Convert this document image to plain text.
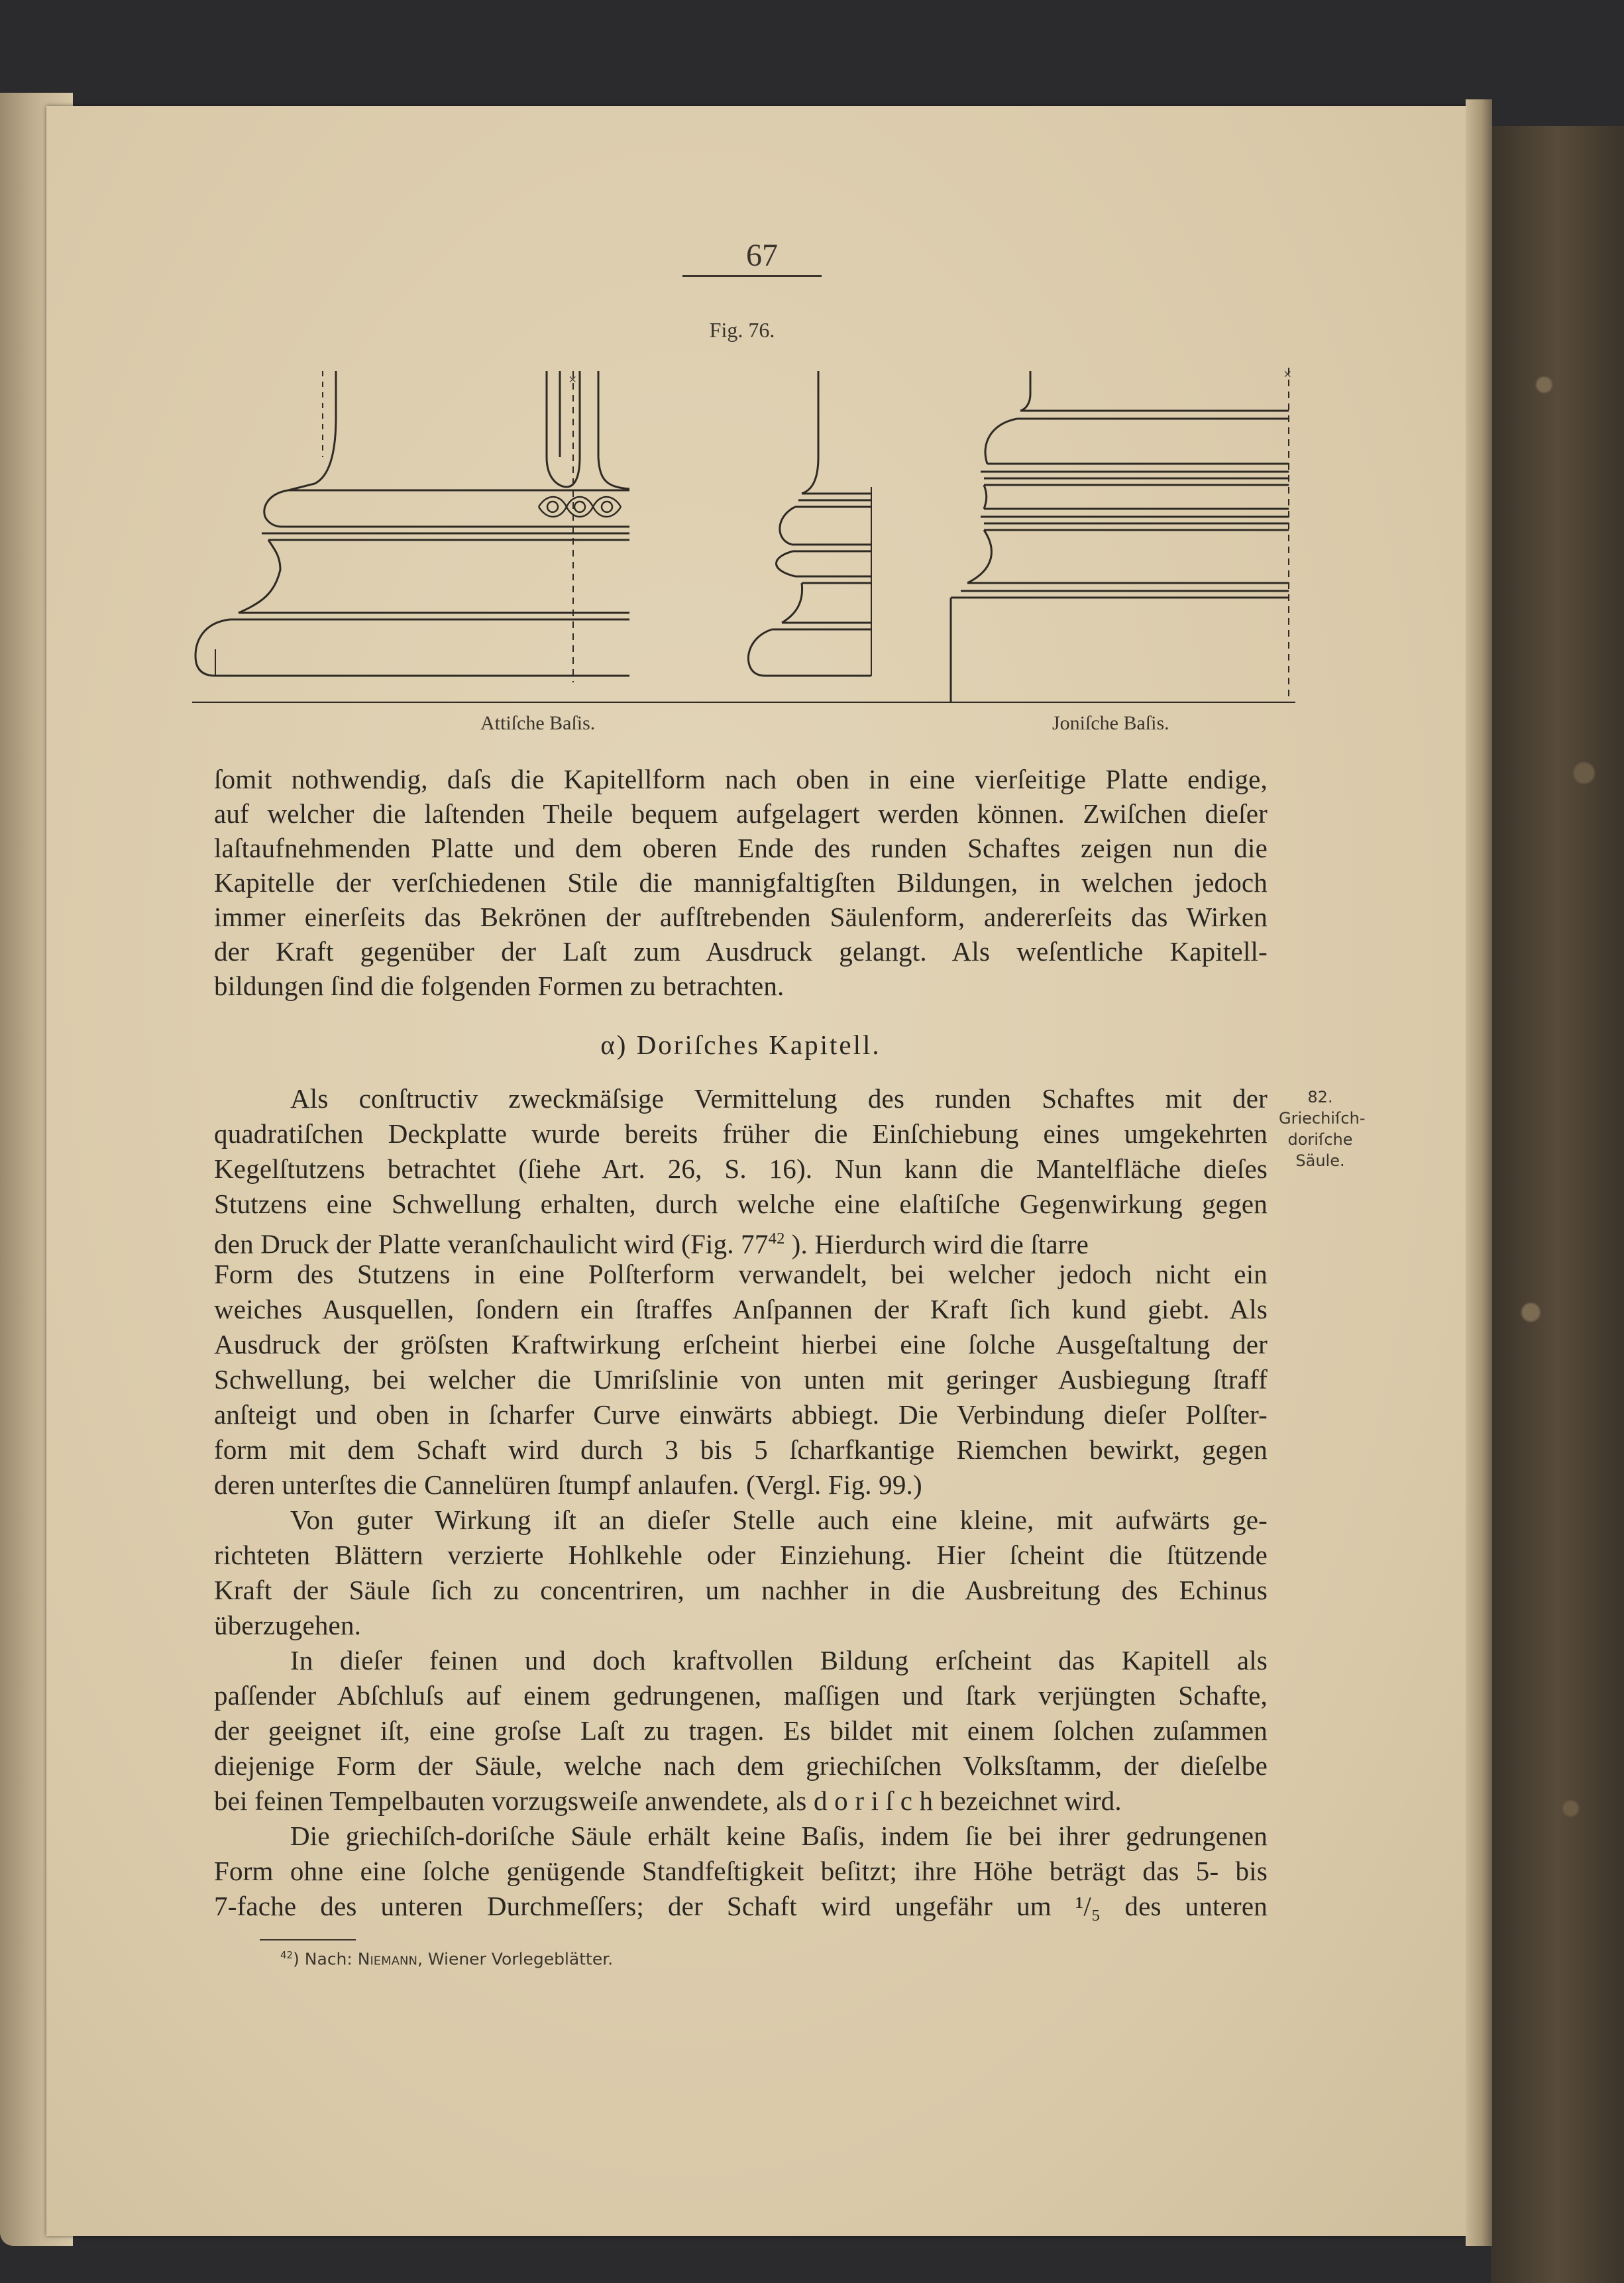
67
Fig. 76.
×	×
Attiſche Baſis.	Joniſche Baſis.
ſomit nothwendig, daſs die Kapitellform nach oben in eine vierſeitige Platte endige,
auf welcher die laſtenden Theile bequem aufgelagert werden können. Zwiſchen dieſer
laſtaufnehmenden Platte und dem oberen Ende des runden Schaftes zeigen nun die
Kapitelle der verſchiedenen Stile die mannigfaltigſten Bildungen, in welchen jedoch
immer einerſeits das Bekrönen der aufſtrebenden Säulenform, andererſeits das Wirken
der Kraft gegenüber der Laſt zum Ausdruck gelangt. Als weſentliche Kapitell-
bildungen ſind die folgenden Formen zu betrachten.
α) Doriſches Kapitell.
82.
Griechiſch-
doriſche
Säule.
Als conſtructiv zweckmäſsige Vermittelung des runden Schaftes mit der
quadratiſchen Deckplatte wurde bereits früher die Einſchiebung eines umgekehrten
Kegelſtutzens betrachtet (ſiehe Art. 26, S. 16). Nun kann die Mantelfläche dieſes
Stutzens eine Schwellung erhalten, durch welche eine elaſtiſche Gegenwirkung gegen
den Druck der Platte veranſchaulicht wird (Fig. $77^{42}$ ). Hierdurch wird die ſtarre
Form des Stutzens in eine Polſterform verwandelt, bei welcher jedoch nicht ein
weiches Ausquellen, ſondern ein ſtraffes Anſpannen der Kraft ſich kund giebt. Als
Ausdruck der gröſsten Kraftwirkung erſcheint hierbei eine ſolche Ausgeſtaltung der
Schwellung, bei welcher die Umriſslinie von unten mit geringer Ausbiegung ſtraff
anſteigt und oben in ſcharfer Curve einwärts abbiegt. Die Verbindung dieſer Polſter-
form mit dem Schaft wird durch 3 bis 5 ſcharfkantige Riemchen bewirkt, gegen
deren unterſtes die Cannelüren ſtumpf anlaufen. (Vergl. Fig. 99.)
Von guter Wirkung iſt an dieſer Stelle auch eine kleine, mit aufwärts ge-
richteten Blättern verzierte Hohlkehle oder Einziehung. Hier ſcheint die ſtützende
Kraft der Säule ſich zu concentriren, um nachher in die Ausbreitung des Echinus
überzugehen.
In dieſer feinen und doch kraftvollen Bildung erſcheint das Kapitell als
paſſender Abſchluſs auf einem gedrungenen, maſſigen und ſtark verjüngten Schafte,
der geeignet iſt, eine groſse Laſt zu tragen. Es bildet mit einem ſolchen zuſammen
diejenige Form der Säule, welche nach dem griechiſchen Volksſtamm, der dieſelbe
bei feinen Tempelbauten vorzugsweiſe anwendete, als d o r i ſ c h bezeichnet wird.
Die griechiſch-doriſche Säule erhält keine Baſis, indem ſie bei ihrer gedrungenen
Form ohne eine ſolche genügende Standfeſtigkeit beſitzt; ihre Höhe beträgt das 5- bis
7-fache des unteren Durchmeſſers; der Schaft wird ungefähr um ¹/₅ des unteren
$^{42}$) Nach: Niemann, Wiener Vorlegeblätter.
